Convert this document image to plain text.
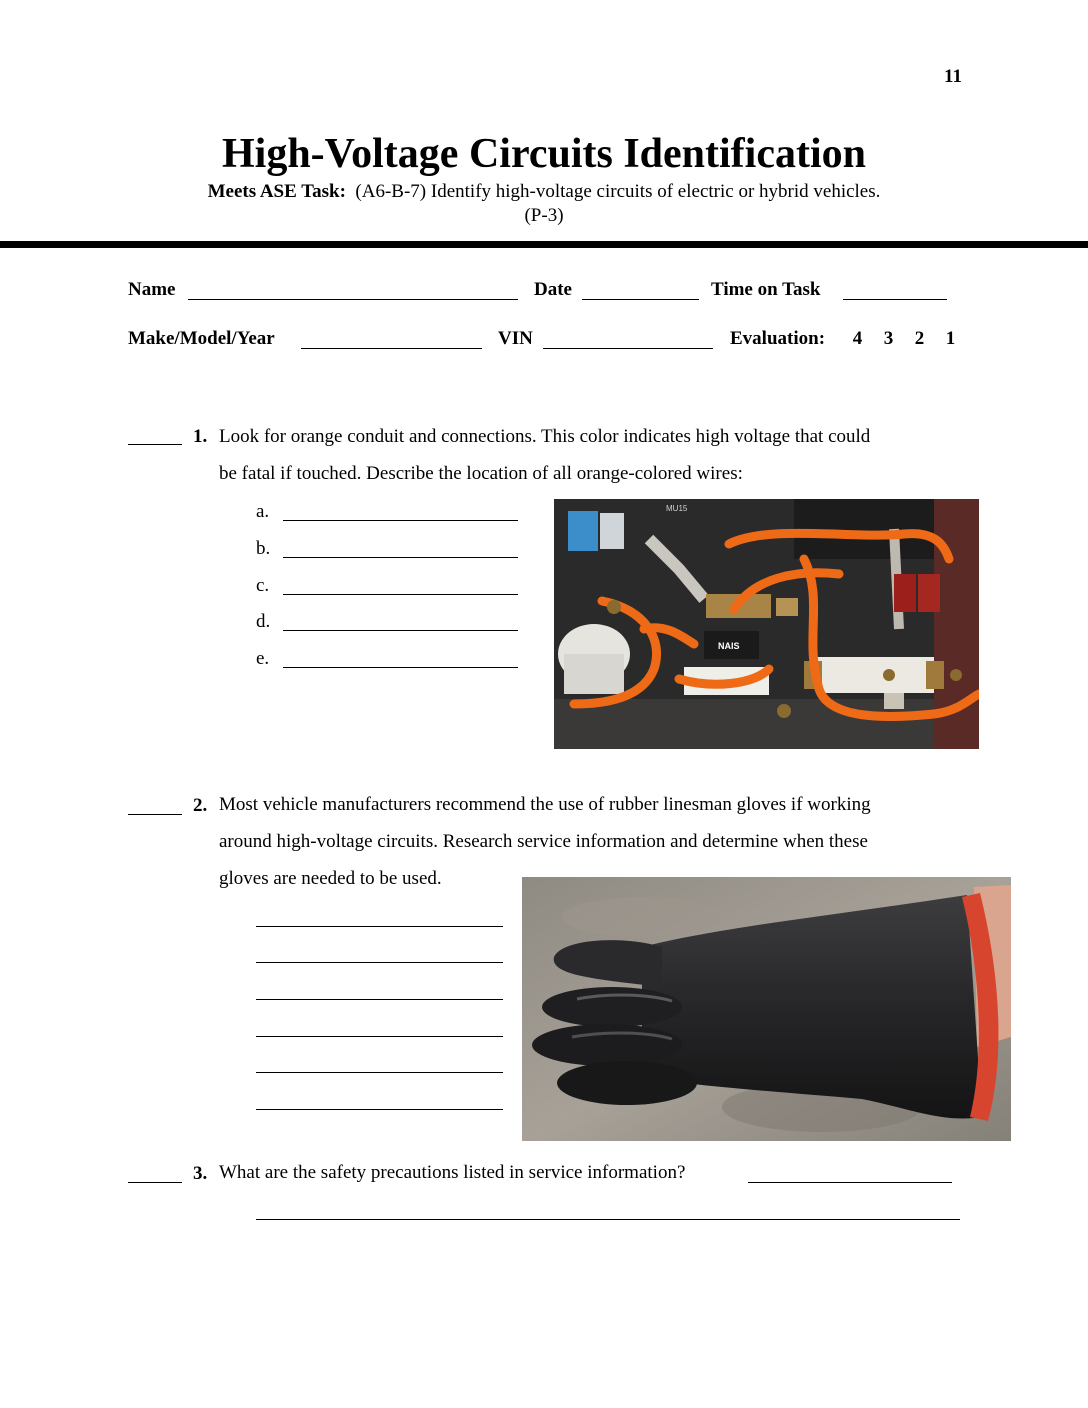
11
High-Voltage Circuits Identification
Meets ASE Task: (A6-B-7) Identify high-voltage circuits of electric or hybrid vehicles.
(P-3)
Name	Date	Time on Task
Make/Model/Year	VIN	Evaluation:	4 3 2 1
1. Look for orange conduit and connections. This color indicates high voltage that could
be fatal if touched. Describe the location of all orange-colored wires:
a.
b.
c.
d.
e.
NAIS
MU15
2. Most vehicle manufacturers recommend the use of rubber linesman gloves if working
around high-voltage circuits. Research service information and determine when these
gloves are needed to be used.
3. What are the safety precautions listed in service information?
